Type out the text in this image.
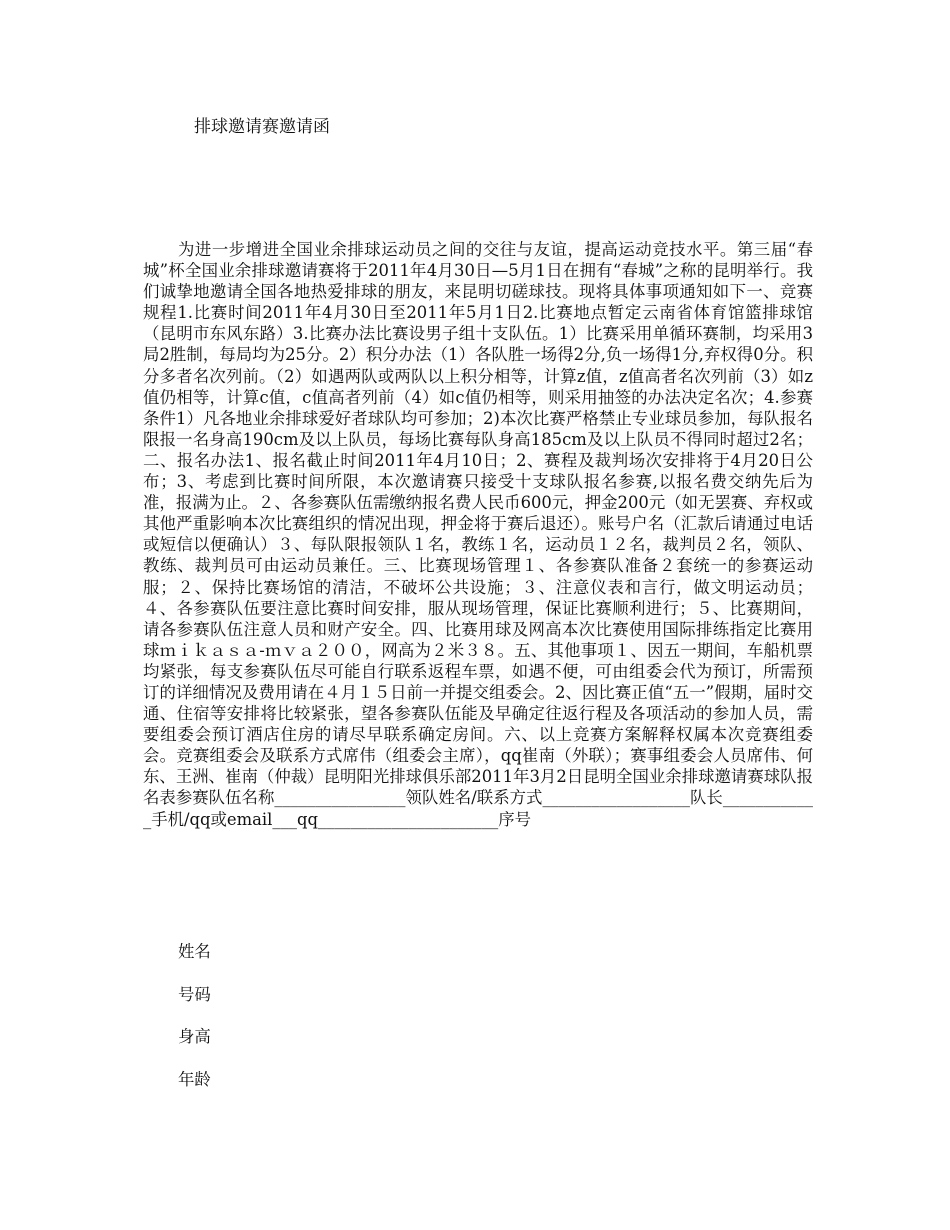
排球邀请赛邀请函

为进一步增进全国业余排球运动员之间的交往与友谊，提高运动竞技水平。第三届“春城”杯全国业余排球邀请赛将于2011年4月30日—5月1日在拥有“春城”之称的昆明举行。我们诚挚地邀请全国各地热爱排球的朋友，来昆明切磋球技。现将具体事项通知如下一、竞赛规程1.比赛时间2011年4月30日至2011年5月1日2.比赛地点暂定云南省体育馆篮排球馆（昆明市东风东路）3.比赛办法比赛设男子组十支队伍。1）比赛采用单循环赛制，均采用3局2胜制，每局均为25分。2）积分办法（1）各队胜一场得2分,负一场得1分,弃权得0分。积分多者名次列前。（2）如遇两队或两队以上积分相等，计算z值，z值高者名次列前（3）如z值仍相等，计算c值，c值高者列前（4）如c值仍相等，则采用抽签的办法决定名次；4.参赛条件1）凡各地业余排球爱好者球队均可参加；2)本次比赛严格禁止专业球员参加，每队报名限报一名身高190cm及以上队员，每场比赛每队身高185cm及以上队员不得同时超过2名；二、报名办法1、报名截止时间2011年4月10日；2、赛程及裁判场次安排将于4月20日公布；3、考虑到比赛时间所限，本次邀请赛只接受十支球队报名参赛,以报名费交纳先后为准，报满为止。２、各参赛队伍需缴纳报名费人民币600元，押金200元（如无罢赛、弃权或其他严重影响本次比赛组织的情况出现，押金将于赛后退还）。账号户名（汇款后请通过电话或短信以便确认）３、每队限报领队１名，教练１名，运动员１２名，裁判员２名，领队、教练、裁判员可由运动员兼任。三、比赛现场管理１、各参赛队准备２套统一的参赛运动服；２、保持比赛场馆的清洁，不破坏公共设施；３、注意仪表和言行，做文明运动员；４、各参赛队伍要注意比赛时间安排，服从现场管理，保证比赛顺利进行；５、比赛期间，请各参赛队伍注意人员和财产安全。四、比赛用球及网高本次比赛使用国际排练指定比赛用球ｍｉｋａｓａ-ｍｖａ２００，网高为２米３８。五、其他事项１、因五一期间，车船机票均紧张，每支参赛队伍尽可能自行联系返程车票，如遇不便，可由组委会代为预订，所需预订的详细情况及费用请在４月１５日前一并提交组委会。2、因比赛正值“五一”假期，届时交通、住宿等安排将比较紧张，望各参赛队伍能及早确定往返行程及各项活动的参加人员，需要组委会预订酒店住房的请尽早联系确定房间。六、以上竞赛方案解释权属本次竞赛组委会。竞赛组委会及联系方式席伟（组委会主席），qq崔南（外联）；赛事组委会人员席伟、何东、王洲、崔南（仲裁）昆明阳光排球俱乐部2011年3月2日昆明全国业余排球邀请赛球队报名表参赛队伍名称________________领队姓名/联系方式__________________队长____________手机/qq或email___qq______________________序号

姓名
号码
身高
年龄
